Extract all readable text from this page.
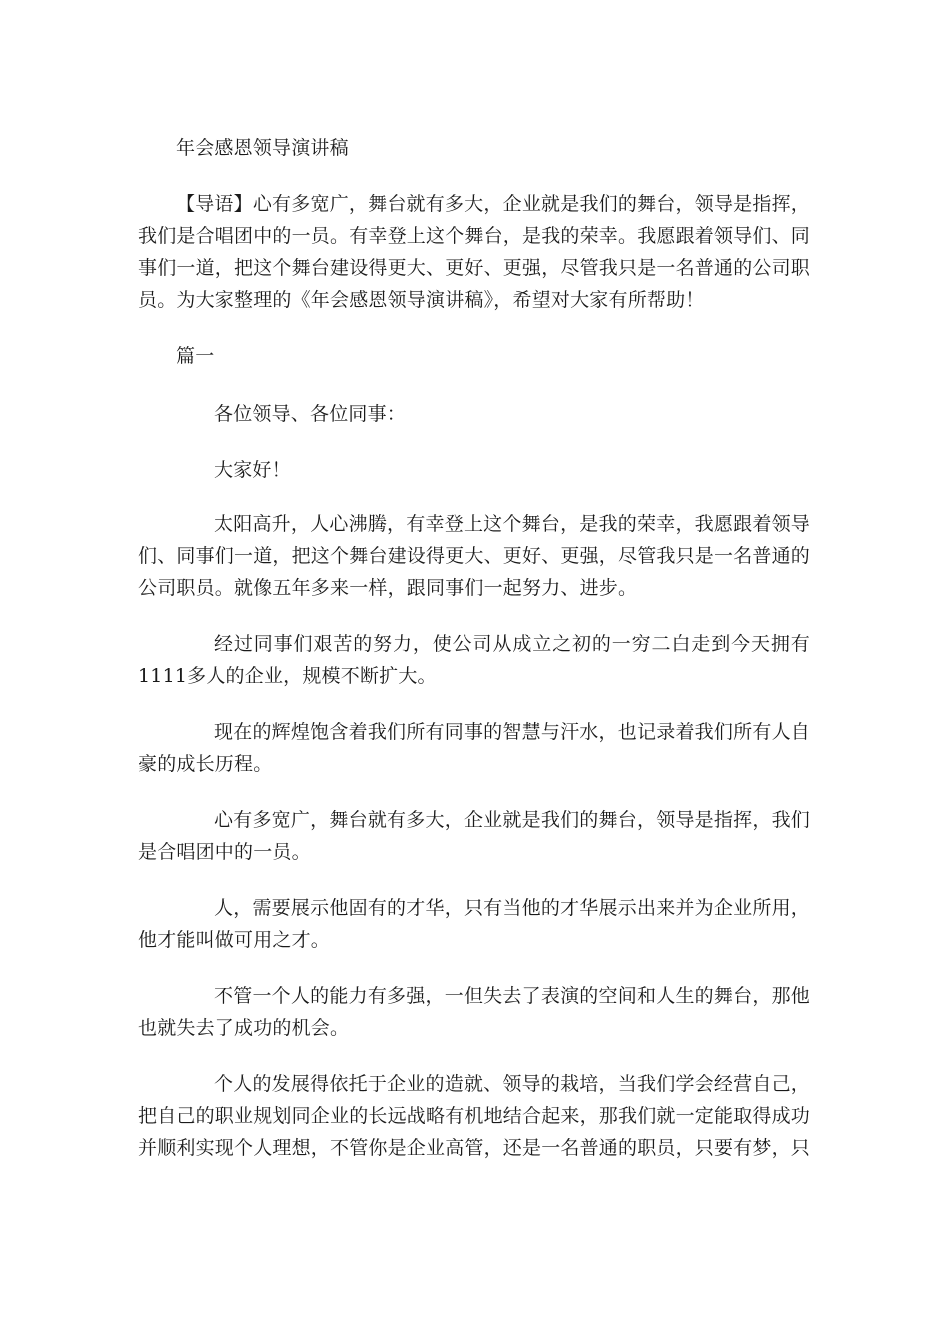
年会感恩领导演讲稿

【导语】心有多宽广，舞台就有多大，企业就是我们的舞台，领导是指挥，我们是合唱团中的一员。有幸登上这个舞台，是我的荣幸。我愿跟着领导们、同事们一道，把这个舞台建设得更大、更好、更强，尽管我只是一名普通的公司职员。为大家整理的《年会感恩领导演讲稿》，希望对大家有所帮助！

篇一

各位领导、各位同事：

大家好！

太阳高升，人心沸腾，有幸登上这个舞台，是我的荣幸，我愿跟着领导们、同事们一道，把这个舞台建设得更大、更好、更强，尽管我只是一名普通的公司职员。就像五年多来一样，跟同事们一起努力、进步。

经过同事们艰苦的努力，使公司从成立之初的一穷二白走到今天拥有1111多人的企业，规模不断扩大。

现在的辉煌饱含着我们所有同事的智慧与汗水，也记录着我们所有人自豪的成长历程。

心有多宽广，舞台就有多大，企业就是我们的舞台，领导是指挥，我们是合唱团中的一员。

人，需要展示他固有的才华，只有当他的才华展示出来并为企业所用，他才能叫做可用之才。

不管一个人的能力有多强，一但失去了表演的空间和人生的舞台，那他也就失去了成功的机会。

个人的发展得依托于企业的造就、领导的栽培，当我们学会经营自己，把自己的职业规划同企业的长远战略有机地结合起来，那我们就一定能取得成功并顺利实现个人理想，不管你是企业高管，还是一名普通的职员，只要有梦，只
